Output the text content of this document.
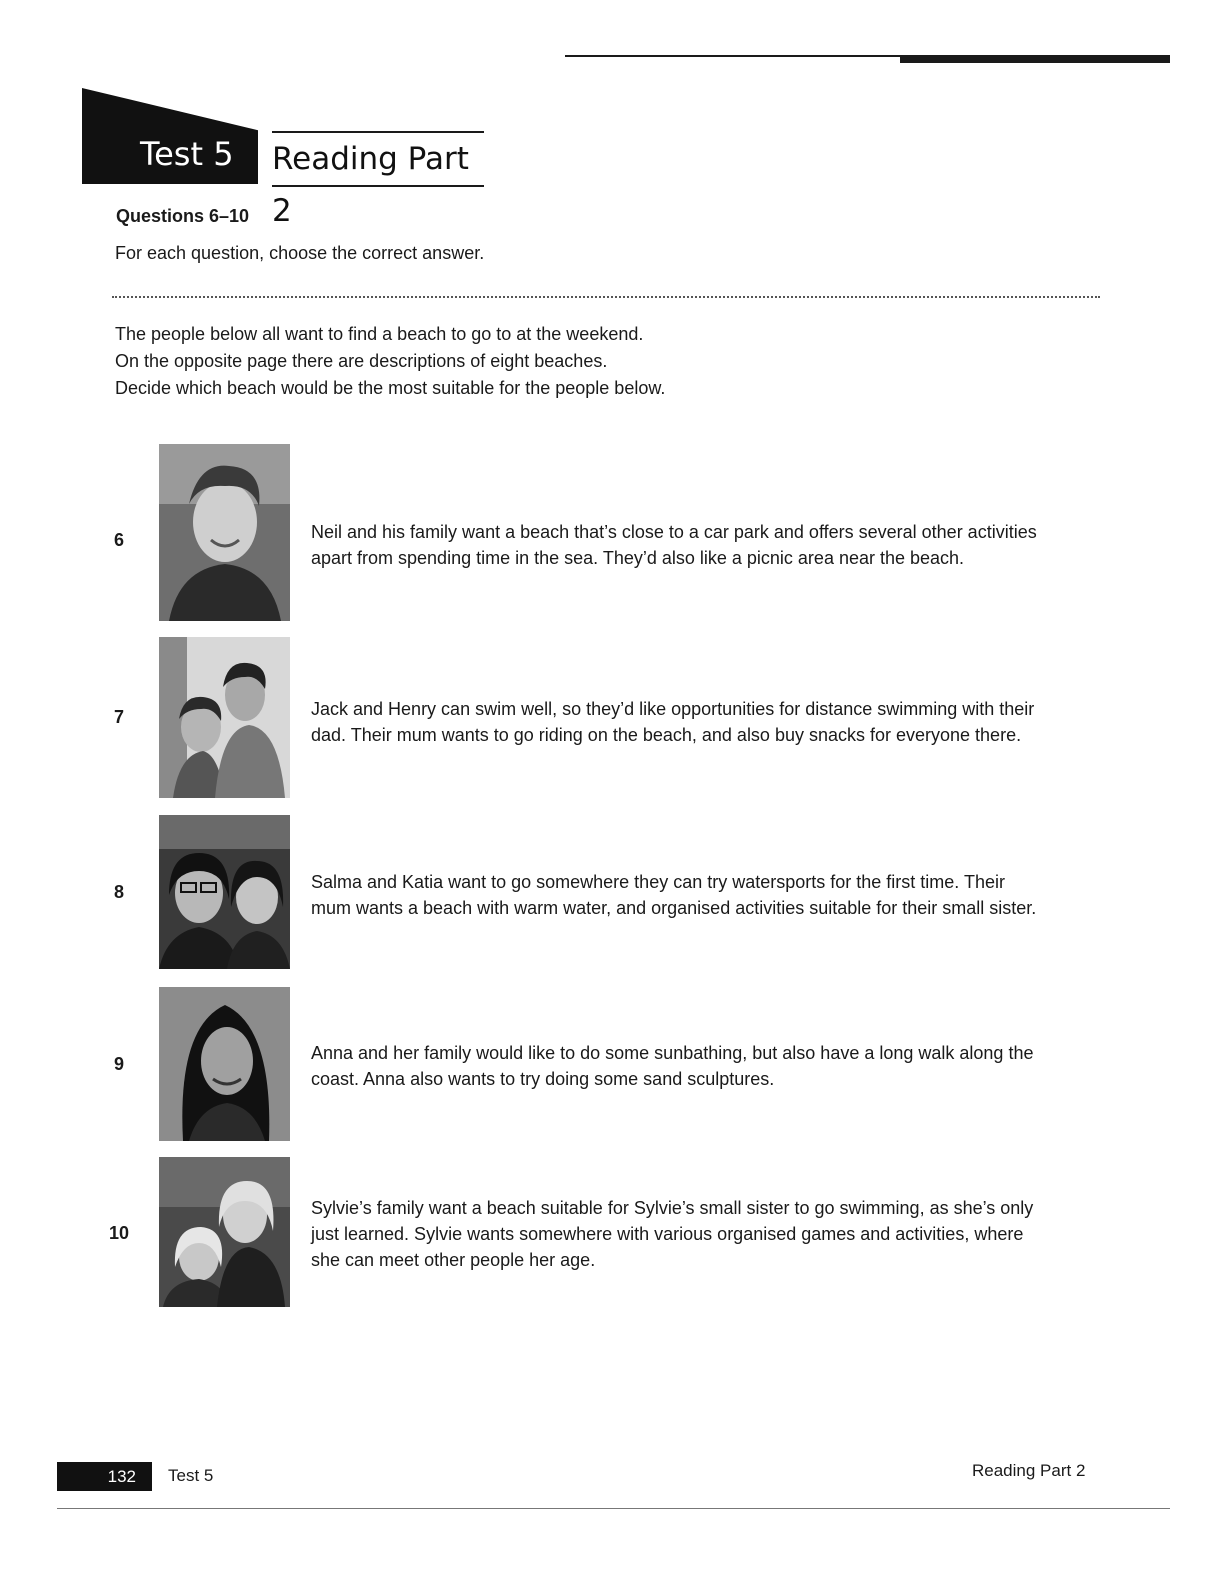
Test 5 Reading Part 2
Questions 6–10
For each question, choose the correct answer.
The people below all want to find a beach to go to at the weekend.
On the opposite page there are descriptions of eight beaches.
Decide which beach would be the most suitable for the people below.
6	Neil and his family want a beach that’s close to a car park and offers several other activities
apart from spending time in the sea. They’d also like a picnic area near the beach.
7	Jack and Henry can swim well, so they’d like opportunities for distance swimming with their
dad. Their mum wants to go riding on the beach, and also buy snacks for everyone there.
8	Salma and Katia want to go somewhere they can try watersports for the first time. Their
mum wants a beach with warm water, and organised activities suitable for their small sister.
9
Anna and her family would like to do some sunbathing, but also have a long walk along the
coast. Anna also wants to try doing some sand sculptures.
10
Sylvie’s family want a beach suitable for Sylvie’s small sister to go swimming, as she’s only
just learned. Sylvie wants somewhere with various organised games and activities, where
she can meet other people her age.
132	Test 5	Reading Part 2
